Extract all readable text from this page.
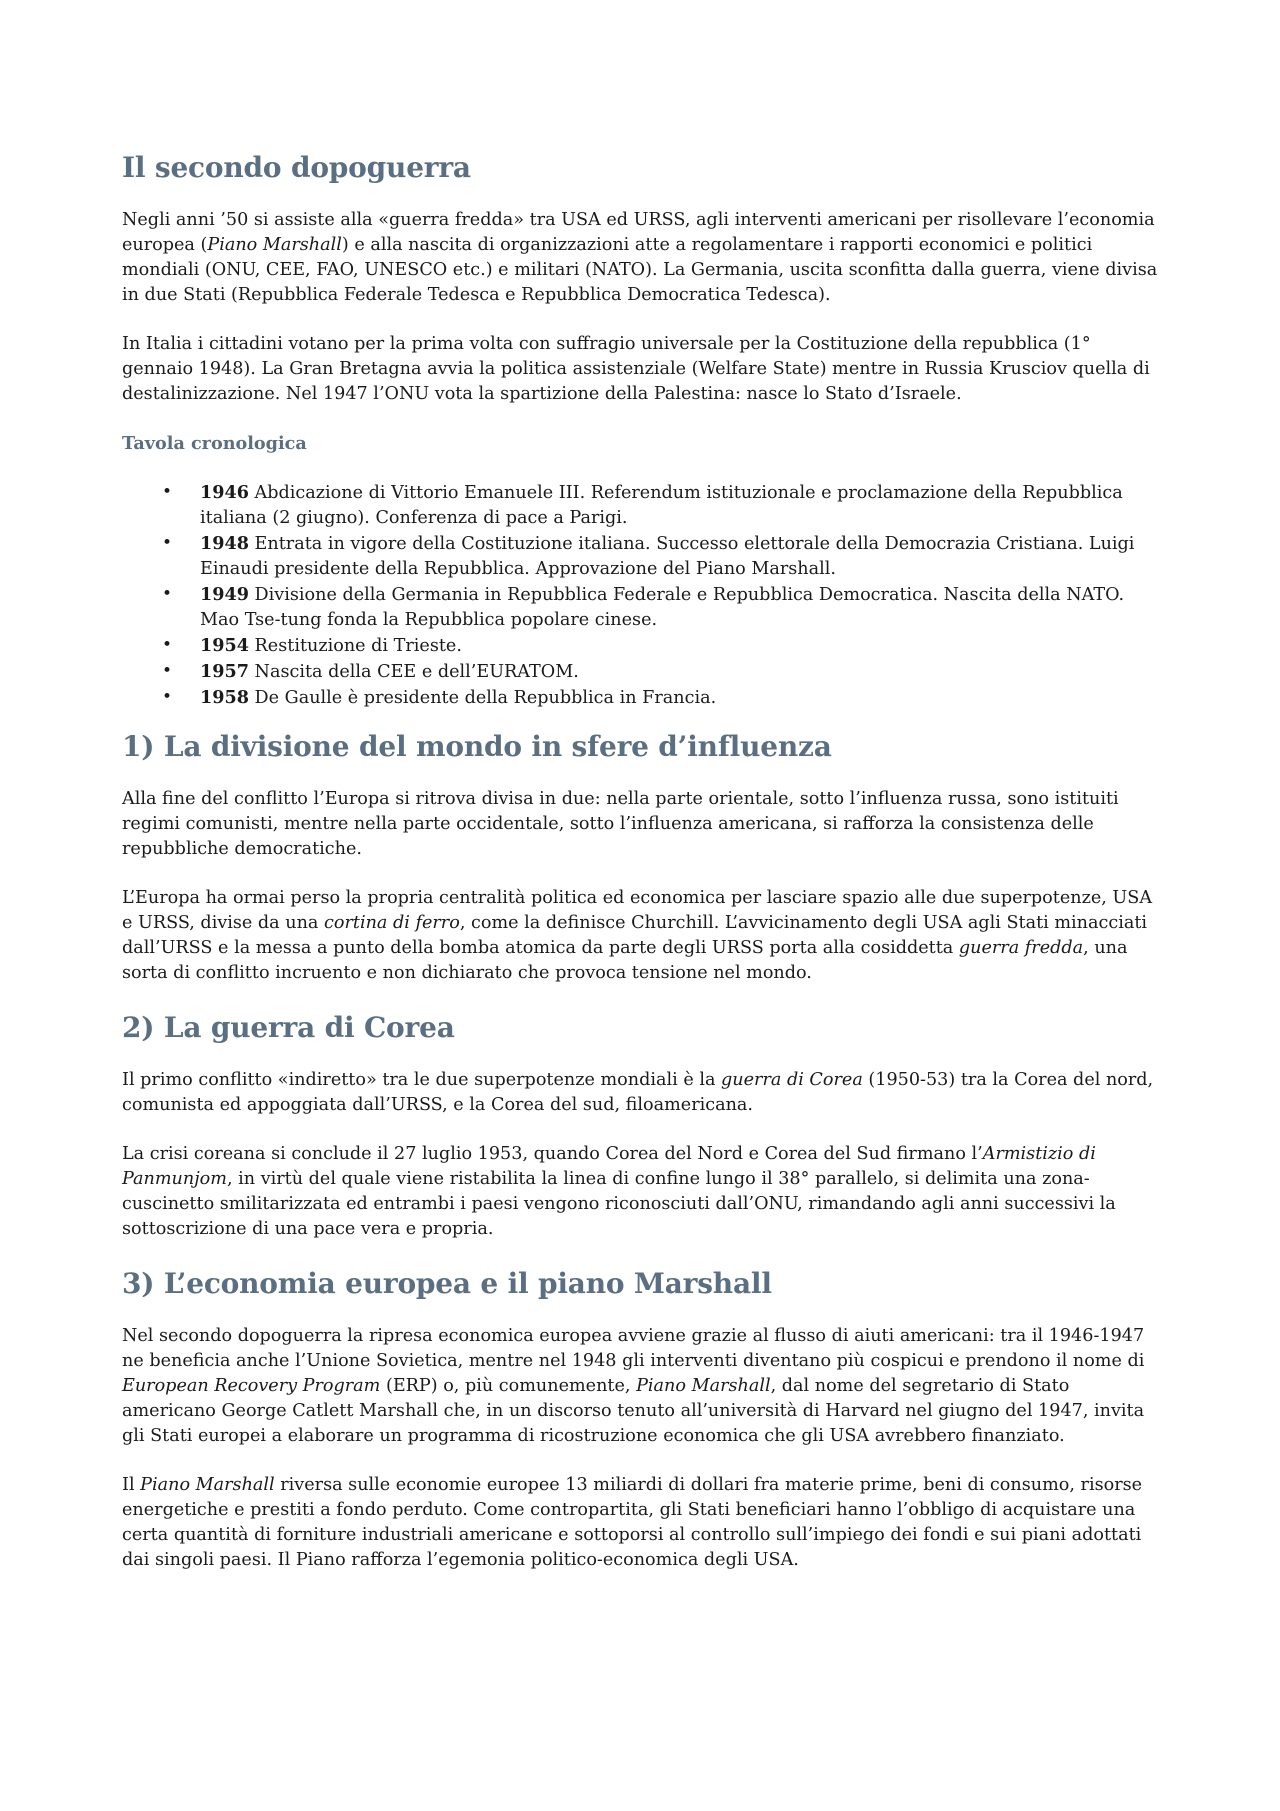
Il secondo dopoguerra

Negli anni ’50 si assiste alla «guerra fredda» tra USA ed URSS, agli interventi americani per risollevare l’economia europea (Piano Marshall) e alla nascita di organizzazioni atte a regolamentare i rapporti economici e politici mondiali (ONU, CEE, FAO, UNESCO etc.) e militari (NATO). La Germania, uscita sconfitta dalla guerra, viene divisa in due Stati (Repubblica Federale Tedesca e Repubblica Democratica Tedesca).

In Italia i cittadini votano per la prima volta con suffragio universale per la Costituzione della repubblica (1° gennaio 1948). La Gran Bretagna avvia la politica assistenziale (Welfare State) mentre in Russia Krusciov quella di destalinizzazione. Nel 1947 l’ONU vota la spartizione della Palestina: nasce lo Stato d’Israele.

Tavola cronologica
• 1946 Abdicazione di Vittorio Emanuele III. Referendum istituzionale e proclamazione della Repubblica italiana (2 giugno). Conferenza di pace a Parigi.
• 1948 Entrata in vigore della Costituzione italiana. Successo elettorale della Democrazia Cristiana. Luigi Einaudi presidente della Repubblica. Approvazione del Piano Marshall.
• 1949 Divisione della Germania in Repubblica Federale e Repubblica Democratica. Nascita della NATO. Mao Tse-tung fonda la Repubblica popolare cinese.
• 1954 Restituzione di Trieste.
• 1957 Nascita della CEE e dell’EURATOM.
• 1958 De Gaulle è presidente della Repubblica in Francia.
1) La divisione del mondo in sfere d’influenza

Alla fine del conflitto l’Europa si ritrova divisa in due: nella parte orientale, sotto l’influenza russa, sono istituiti regimi comunisti, mentre nella parte occidentale, sotto l’influenza americana, si rafforza la consistenza delle repubbliche democratiche.

L’Europa ha ormai perso la propria centralità politica ed economica per lasciare spazio alle due superpotenze, USA e URSS, divise da una cortina di ferro, come la definisce Churchill. L’avvicinamento degli USA agli Stati minacciati dall’URSS e la messa a punto della bomba atomica da parte degli URSS porta alla cosiddetta guerra fredda, una sorta di conflitto incruento e non dichiarato che provoca tensione nel mondo.

2) La guerra di Corea

Il primo conflitto «indiretto» tra le due superpotenze mondiali è la guerra di Corea (1950-53) tra la Corea del nord, comunista ed appoggiata dall’URSS, e la Corea del sud, filoamericana.

La crisi coreana si conclude il 27 luglio 1953, quando Corea del Nord e Corea del Sud firmano l’Armistizio di Panmunjom, in virtù del quale viene ristabilita la linea di confine lungo il 38° parallelo, si delimita una zona-cuscinetto smilitarizzata ed entrambi i paesi vengono riconosciuti dall’ONU, rimandando agli anni successivi la sottoscrizione di una pace vera e propria.

3) L’economia europea e il piano Marshall

Nel secondo dopoguerra la ripresa economica europea avviene grazie al flusso di aiuti americani: tra il 1946-1947 ne beneficia anche l’Unione Sovietica, mentre nel 1948 gli interventi diventano più cospicui e prendono il nome di European Recovery Program (ERP) o, più comunemente, Piano Marshall, dal nome del segretario di Stato americano George Catlett Marshall che, in un discorso tenuto all’università di Harvard nel giugno del 1947, invita gli Stati europei a elaborare un programma di ricostruzione economica che gli USA avrebbero finanziato.

Il Piano Marshall riversa sulle economie europee 13 miliardi di dollari fra materie prime, beni di consumo, risorse energetiche e prestiti a fondo perduto. Come contropartita, gli Stati beneficiari hanno l’obbligo di acquistare una certa quantità di forniture industriali americane e sottoporsi al controllo sull’impiego dei fondi e sui piani adottati dai singoli paesi. Il Piano rafforza l’egemonia politico-economica degli USA.
